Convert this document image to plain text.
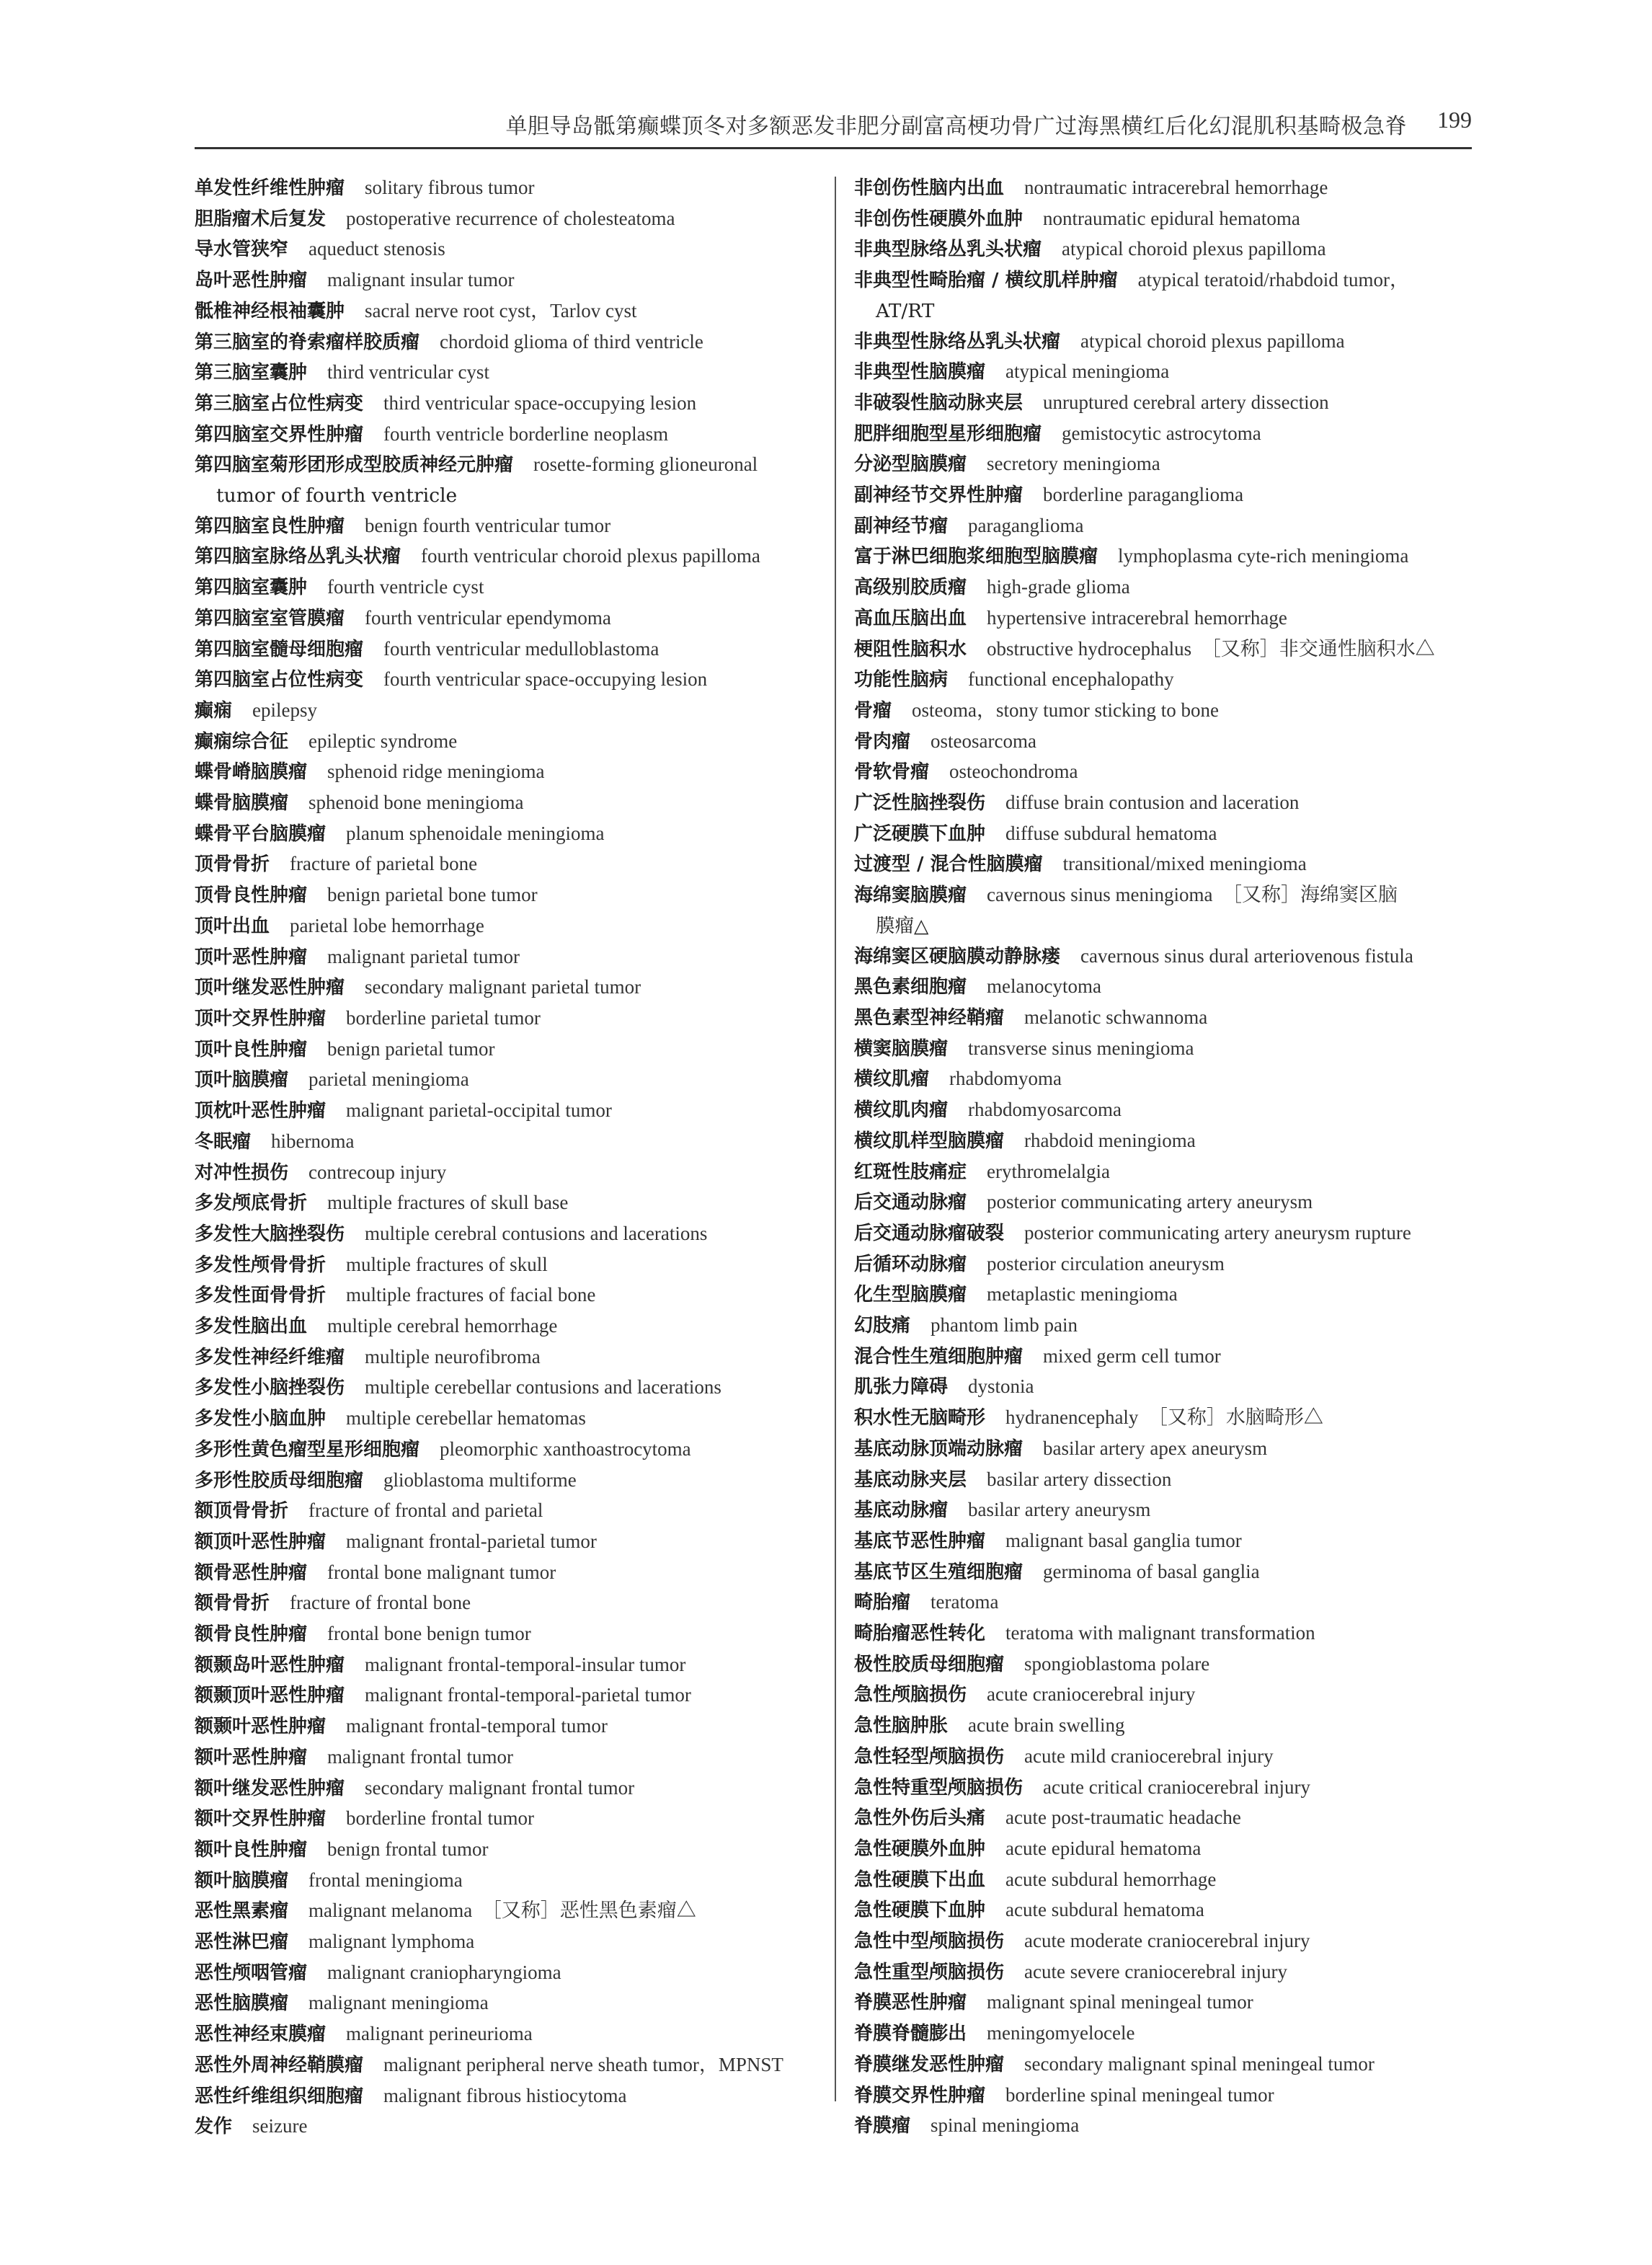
单胆导岛骶第癫蝶顶冬对多额恶发非肥分副富高梗功骨广过海黑横红后化幻混肌积基畸极急脊 199
单发性纤维性肿瘤 solitary fibrous tumor
胆脂瘤术后复发 postoperative recurrence of cholesteatoma
导水管狭窄 aqueduct stenosis
岛叶恶性肿瘤 malignant insular tumor
骶椎神经根袖囊肿 sacral nerve root cyst，Tarlov cyst
第三脑室的脊索瘤样胶质瘤 chordoid glioma of third ventricle
第三脑室囊肿 third ventricular cyst
第三脑室占位性病变 third ventricular space-occupying lesion
第四脑室交界性肿瘤 fourth ventricle borderline neoplasm
第四脑室菊形团形成型胶质神经元肿瘤 rosette-forming glioneuronal
tumor of fourth ventricle
第四脑室良性肿瘤 benign fourth ventricular tumor
第四脑室脉络丛乳头状瘤 fourth ventricular choroid plexus papilloma
第四脑室囊肿 fourth ventricle cyst
第四脑室室管膜瘤 fourth ventricular ependymoma
第四脑室髓母细胞瘤 fourth ventricular medulloblastoma
第四脑室占位性病变 fourth ventricular space-occupying lesion
癫痫 epilepsy
癫痫综合征 epileptic syndrome
蝶骨嵴脑膜瘤 sphenoid ridge meningioma
蝶骨脑膜瘤 sphenoid bone meningioma
蝶骨平台脑膜瘤 planum sphenoidale meningioma
顶骨骨折 fracture of parietal bone
顶骨良性肿瘤 benign parietal bone tumor
顶叶出血 parietal lobe hemorrhage
顶叶恶性肿瘤 malignant parietal tumor
顶叶继发恶性肿瘤 secondary malignant parietal tumor
顶叶交界性肿瘤 borderline parietal tumor
顶叶良性肿瘤 benign parietal tumor
顶叶脑膜瘤 parietal meningioma
顶枕叶恶性肿瘤 malignant parietal-occipital tumor
冬眠瘤 hibernoma
对冲性损伤 contrecoup injury
多发颅底骨折 multiple fractures of skull base
多发性大脑挫裂伤 multiple cerebral contusions and lacerations
多发性颅骨骨折 multiple fractures of skull
多发性面骨骨折 multiple fractures of facial bone
多发性脑出血 multiple cerebral hemorrhage
多发性神经纤维瘤 multiple neurofibroma
多发性小脑挫裂伤 multiple cerebellar contusions and lacerations
多发性小脑血肿 multiple cerebellar hematomas
多形性黄色瘤型星形细胞瘤 pleomorphic xanthoastrocytoma
多形性胶质母细胞瘤 glioblastoma multiforme
额顶骨骨折 fracture of frontal and parietal
额顶叶恶性肿瘤 malignant frontal-parietal tumor
额骨恶性肿瘤 frontal bone malignant tumor
额骨骨折 fracture of frontal bone
额骨良性肿瘤 frontal bone benign tumor
额颞岛叶恶性肿瘤 malignant frontal-temporal-insular tumor
额颞顶叶恶性肿瘤 malignant frontal-temporal-parietal tumor
额颞叶恶性肿瘤 malignant frontal-temporal tumor
额叶恶性肿瘤 malignant frontal tumor
额叶继发恶性肿瘤 secondary malignant frontal tumor
额叶交界性肿瘤 borderline frontal tumor
额叶良性肿瘤 benign frontal tumor
额叶脑膜瘤 frontal meningioma
恶性黑素瘤 malignant melanoma　［又称］恶性黑色素瘤△
恶性淋巴瘤 malignant lymphoma
恶性颅咽管瘤 malignant craniopharyngioma
恶性脑膜瘤 malignant meningioma
恶性神经束膜瘤 malignant perineurioma
恶性外周神经鞘膜瘤 malignant peripheral nerve sheath tumor，MPNST
恶性纤维组织细胞瘤 malignant fibrous histiocytoma
发作 seizure
非创伤性脑内出血 nontraumatic intracerebral hemorrhage
非创伤性硬膜外血肿 nontraumatic epidural hematoma
非典型脉络丛乳头状瘤 atypical choroid plexus papilloma
非典型性畸胎瘤 / 横纹肌样肿瘤 atypical teratoid/rhabdoid tumor，
AT/RT
非典型性脉络丛乳头状瘤 atypical choroid plexus papilloma
非典型性脑膜瘤 atypical meningioma
非破裂性脑动脉夹层 unruptured cerebral artery dissection
肥胖细胞型星形细胞瘤 gemistocytic astrocytoma
分泌型脑膜瘤 secretory meningioma
副神经节交界性肿瘤 borderline paraganglioma
副神经节瘤 paraganglioma
富于淋巴细胞浆细胞型脑膜瘤 lymphoplasma cyte-rich meningioma
高级别胶质瘤 high-grade glioma
高血压脑出血 hypertensive intracerebral hemorrhage
梗阻性脑积水 obstructive hydrocephalus　［又称］非交通性脑积水△
功能性脑病 functional encephalopathy
骨瘤 osteoma，stony tumor sticking to bone
骨肉瘤 osteosarcoma
骨软骨瘤 osteochondroma
广泛性脑挫裂伤 diffuse brain contusion and laceration
广泛硬膜下血肿 diffuse subdural hematoma
过渡型 / 混合性脑膜瘤 transitional/mixed meningioma
海绵窦脑膜瘤 cavernous sinus meningioma　［又称］海绵窦区脑
膜瘤△
海绵窦区硬脑膜动静脉瘘 cavernous sinus dural arteriovenous fistula
黑色素细胞瘤 melanocytoma
黑色素型神经鞘瘤 melanotic schwannoma
横窦脑膜瘤 transverse sinus meningioma
横纹肌瘤 rhabdomyoma
横纹肌肉瘤 rhabdomyosarcoma
横纹肌样型脑膜瘤 rhabdoid meningioma
红斑性肢痛症 erythromelalgia
后交通动脉瘤 posterior communicating artery aneurysm
后交通动脉瘤破裂 posterior communicating artery aneurysm rupture
后循环动脉瘤 posterior circulation aneurysm
化生型脑膜瘤 metaplastic meningioma
幻肢痛 phantom limb pain
混合性生殖细胞肿瘤 mixed germ cell tumor
肌张力障碍 dystonia
积水性无脑畸形 hydranencephaly　［又称］水脑畸形△
基底动脉顶端动脉瘤 basilar artery apex aneurysm
基底动脉夹层 basilar artery dissection
基底动脉瘤 basilar artery aneurysm
基底节恶性肿瘤 malignant basal ganglia tumor
基底节区生殖细胞瘤 germinoma of basal ganglia
畸胎瘤 teratoma
畸胎瘤恶性转化 teratoma with malignant transformation
极性胶质母细胞瘤 spongioblastoma polare
急性颅脑损伤 acute craniocerebral injury
急性脑肿胀 acute brain swelling
急性轻型颅脑损伤 acute mild craniocerebral injury
急性特重型颅脑损伤 acute critical craniocerebral injury
急性外伤后头痛 acute post-traumatic headache
急性硬膜外血肿 acute epidural hematoma
急性硬膜下出血 acute subdural hemorrhage
急性硬膜下血肿 acute subdural hematoma
急性中型颅脑损伤 acute moderate craniocerebral injury
急性重型颅脑损伤 acute severe craniocerebral injury
脊膜恶性肿瘤 malignant spinal meningeal tumor
脊膜脊髓膨出 meningomyelocele
脊膜继发恶性肿瘤 secondary malignant spinal meningeal tumor
脊膜交界性肿瘤 borderline spinal meningeal tumor
脊膜瘤 spinal meningioma
